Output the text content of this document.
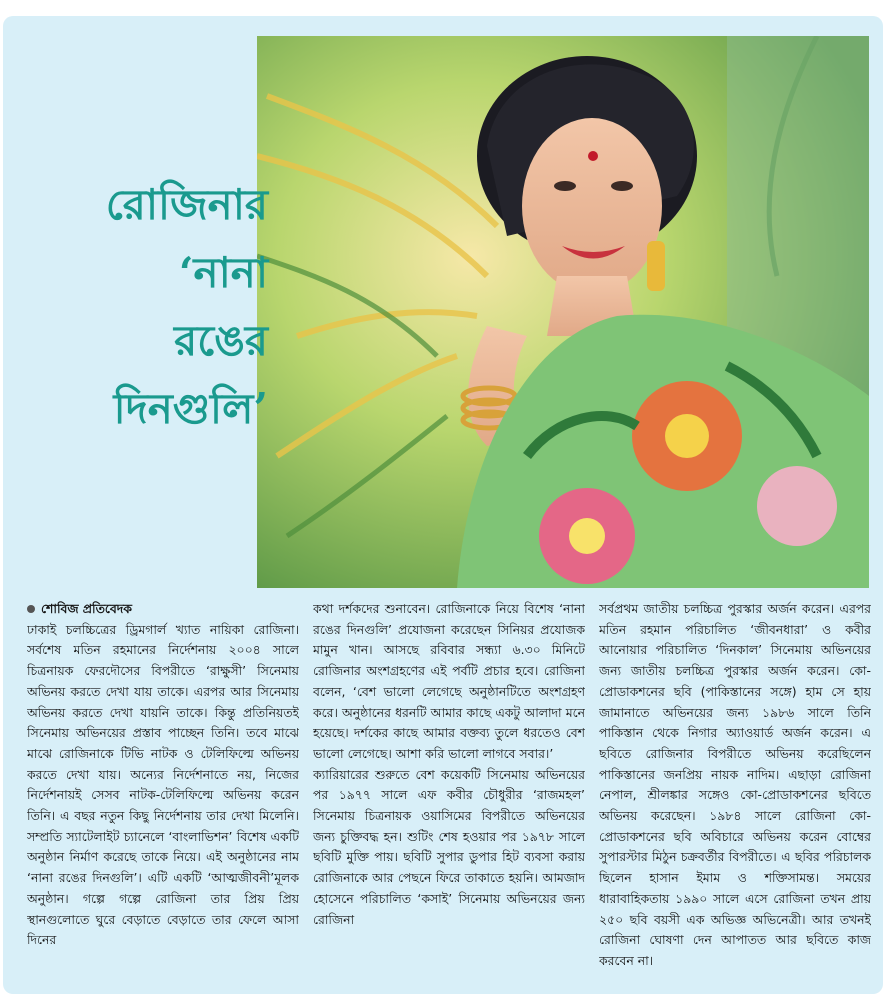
রোজিনার
‘নানা
রঙের
দিনগুলি’
শোবিজ প্রতিবেদক

ঢাকাই চলচ্চিত্রের ড্রিমগার্ল খ্যাত নায়িকা রোজিনা। সর্বশেষ মতিন রহমানের নির্দেশনায় ২০০৪ সালে চিত্রনায়ক ফেরদৌসের বিপরীতে ‘রাক্ষুসী’ সিনেমায় অভিনয় করতে দেখা যায় তাকে। এরপর আর সিনেমায় অভিনয় করতে দেখা যায়নি তাকে। কিন্তু প্রতিনিয়তই সিনেমায় অভিনয়ের প্রস্তাব পাচ্ছেন তিনি। তবে মাঝে মাঝে রোজিনাকে টিভি নাটক ও টেলিফিল্মে অভিনয় করতে দেখা যায়। অন্যের নির্দেশনাতে নয়, নিজের নির্দেশনায়ই সেসব নাটক-টেলিফিল্মে অভিনয় করেন তিনি। এ বছর নতুন কিছু নির্দেশনায় তার দেখা মিলেনি। সম্প্রতি স্যাটেলাইট চ্যানেলে ‘বাংলাভিশন’ বিশেষ একটি অনুষ্ঠান নির্মাণ করেছে তাকে নিয়ে। এই অনুষ্ঠানের নাম ‘নানা রঙের দিনগুলি’। এটি একটি ‘আত্মজীবনী’মূলক অনুষ্ঠান। গল্পে গল্পে রোজিনা তার প্রিয় প্রিয় স্থানগুলোতে ঘুরে বেড়াতে বেড়াতে তার ফেলে আসা দিনের

কথা দর্শকদের শুনাবেন। রোজিনাকে নিয়ে বিশেষ ‘নানা রঙের দিনগুলি’ প্রযোজনা করেছেন সিনিয়র প্রযোজক মামুন খান। আসছে রবিবার সন্ধ্যা ৬.৩০ মিনিটে রোজিনার অংশগ্রহণের এই পর্বটি প্রচার হবে। রোজিনা বলেন, ‘বেশ ভালো লেগেছে অনুষ্ঠানটিতে অংশগ্রহণ করে। অনুষ্ঠানের ধরনটি আমার কাছে একটু আলাদা মনে হয়েছে। দর্শকের কাছে আমার বক্তব্য তুলে ধরতেও বেশ ভালো লেগেছে। আশা করি ভালো লাগবে সবার।’

ক্যারিয়ারের শুরুতে বেশ কয়েকটি সিনেমায় অভিনয়ের পর ১৯৭৭ সালে এফ কবীর চৌধুরীর ‘রাজমহল’ সিনেমায় চিত্রনায়ক ওয়াসিমের বিপরীতে অভিনয়ের জন্য চুক্তিবদ্ধ হন। শুটিং শেষ হওয়ার পর ১৯৭৮ সালে ছবিটি মুক্তি পায়। ছবিটি সুপার ডুপার হিট ব্যবসা করায় রোজিনাকে আর পেছনে ফিরে তাকাতে হয়নি। আমজাদ হোসেনে পরিচালিত ‘কসাই’ সিনেমায় অভিনয়ের জন্য রোজিনা

সর্বপ্রথম জাতীয় চলচ্চিত্র পুরস্কার অর্জন করেন। এরপর মতিন রহমান পরিচালিত ‘জীবনধারা’ ও কবীর আনোয়ার পরিচালিত ‘দিনকাল’ সিনেমায় অভিনয়ের জন্য জাতীয় চলচ্চিত্র পুরস্কার অর্জন করেন। কো-প্রোডাকশনের ছবি (পাকিস্তানের সঙ্গে) হাম সে হায় জামানাতে অভিনয়ের জন্য ১৯৮৬ সালে তিনি পাকিস্তান থেকে নিগার অ্যাওয়ার্ড অর্জন করেন। এ ছবিতে রোজিনার বিপরীতে অভিনয় করেছিলেন পাকিস্তানের জনপ্রিয় নায়ক নাদিম। এছাড়া রোজিনা নেপাল, শ্রীলঙ্কার সঙ্গেও কো-প্রোডাকশনের ছবিতে অভিনয় করেছেন। ১৯৮৪ সালে রোজিনা কো-প্রোডাকশনের ছবি অবিচারে অভিনয় করেন বোম্বের সুপারস্টার মিঠুন চক্রবর্তীর বিপরীতে। এ ছবির পরিচালক ছিলেন হাসান ইমাম ও শক্তিসামন্ত। সময়ের ধারাবাহিকতায় ১৯৯০ সালে এসে রোজিনা তখন প্রায় ২৫০ ছবি বয়সী এক অভিজ্ঞ অভিনেত্রী। আর তখনই রোজিনা ঘোষণা দেন আপাতত আর ছবিতে কাজ করবেন না।
